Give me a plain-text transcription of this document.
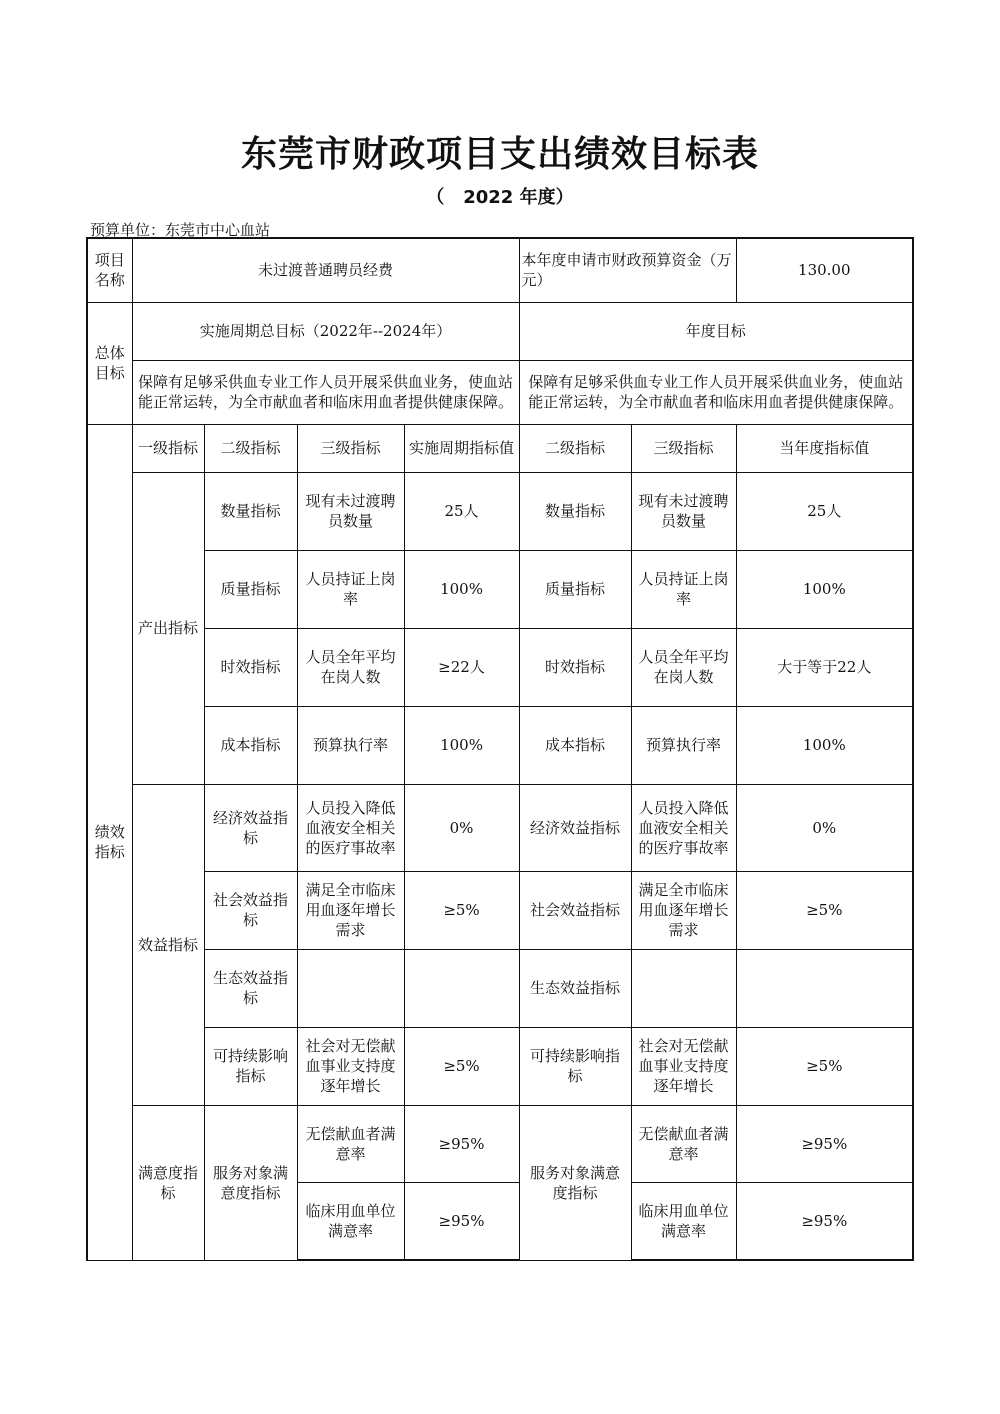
东莞市财政项目支出绩效目标表
（   2022 年度）
预算单位：东莞市中心血站
项目名称	未过渡普通聘员经费				本年度申请市财政预算资金（万元）		130.00
总体目标	实施周期总目标（2022年--2024年）				年度目标		
	保障有足够采供血专业工作人员开展采供血业务，使血站能正常运转，为全市献血者和临床用血者提供健康保障。				保障有足够采供血专业工作人员开展采供血业务，使血站能正常运转，为全市献血者和临床用血者提供健康保障。		
绩效指标	一级指标	二级指标	三级指标	实施周期指标值	二级指标	三级指标	当年度指标值
	产出指标	数量指标	现有未过渡聘员数量	25人	数量指标	现有未过渡聘员数量	25人
		质量指标	人员持证上岗率	100%	质量指标	人员持证上岗率	100%
		时效指标	人员全年平均在岗人数	≥22人	时效指标	人员全年平均在岗人数	大于等于22人
		成本指标	预算执行率	100%	成本指标	预算执行率	100%
	效益指标	经济效益指标	人员投入降低血液安全相关的医疗事故率	0%	经济效益指标	人员投入降低血液安全相关的医疗事故率	0%
		社会效益指标	满足全市临床用血逐年增长需求	≥5%	社会效益指标	满足全市临床用血逐年增长需求	≥5%
		生态效益指标			生态效益指标		
		可持续影响指标	社会对无偿献血事业支持度逐年增长	≥5%	可持续影响指标	社会对无偿献血事业支持度逐年增长	≥5%
	满意度指标	服务对象满意度指标	无偿献血者满意率	≥95%	服务对象满意度指标	无偿献血者满意率	≥95%
			临床用血单位满意率	≥95%		临床用血单位满意率	≥95%
